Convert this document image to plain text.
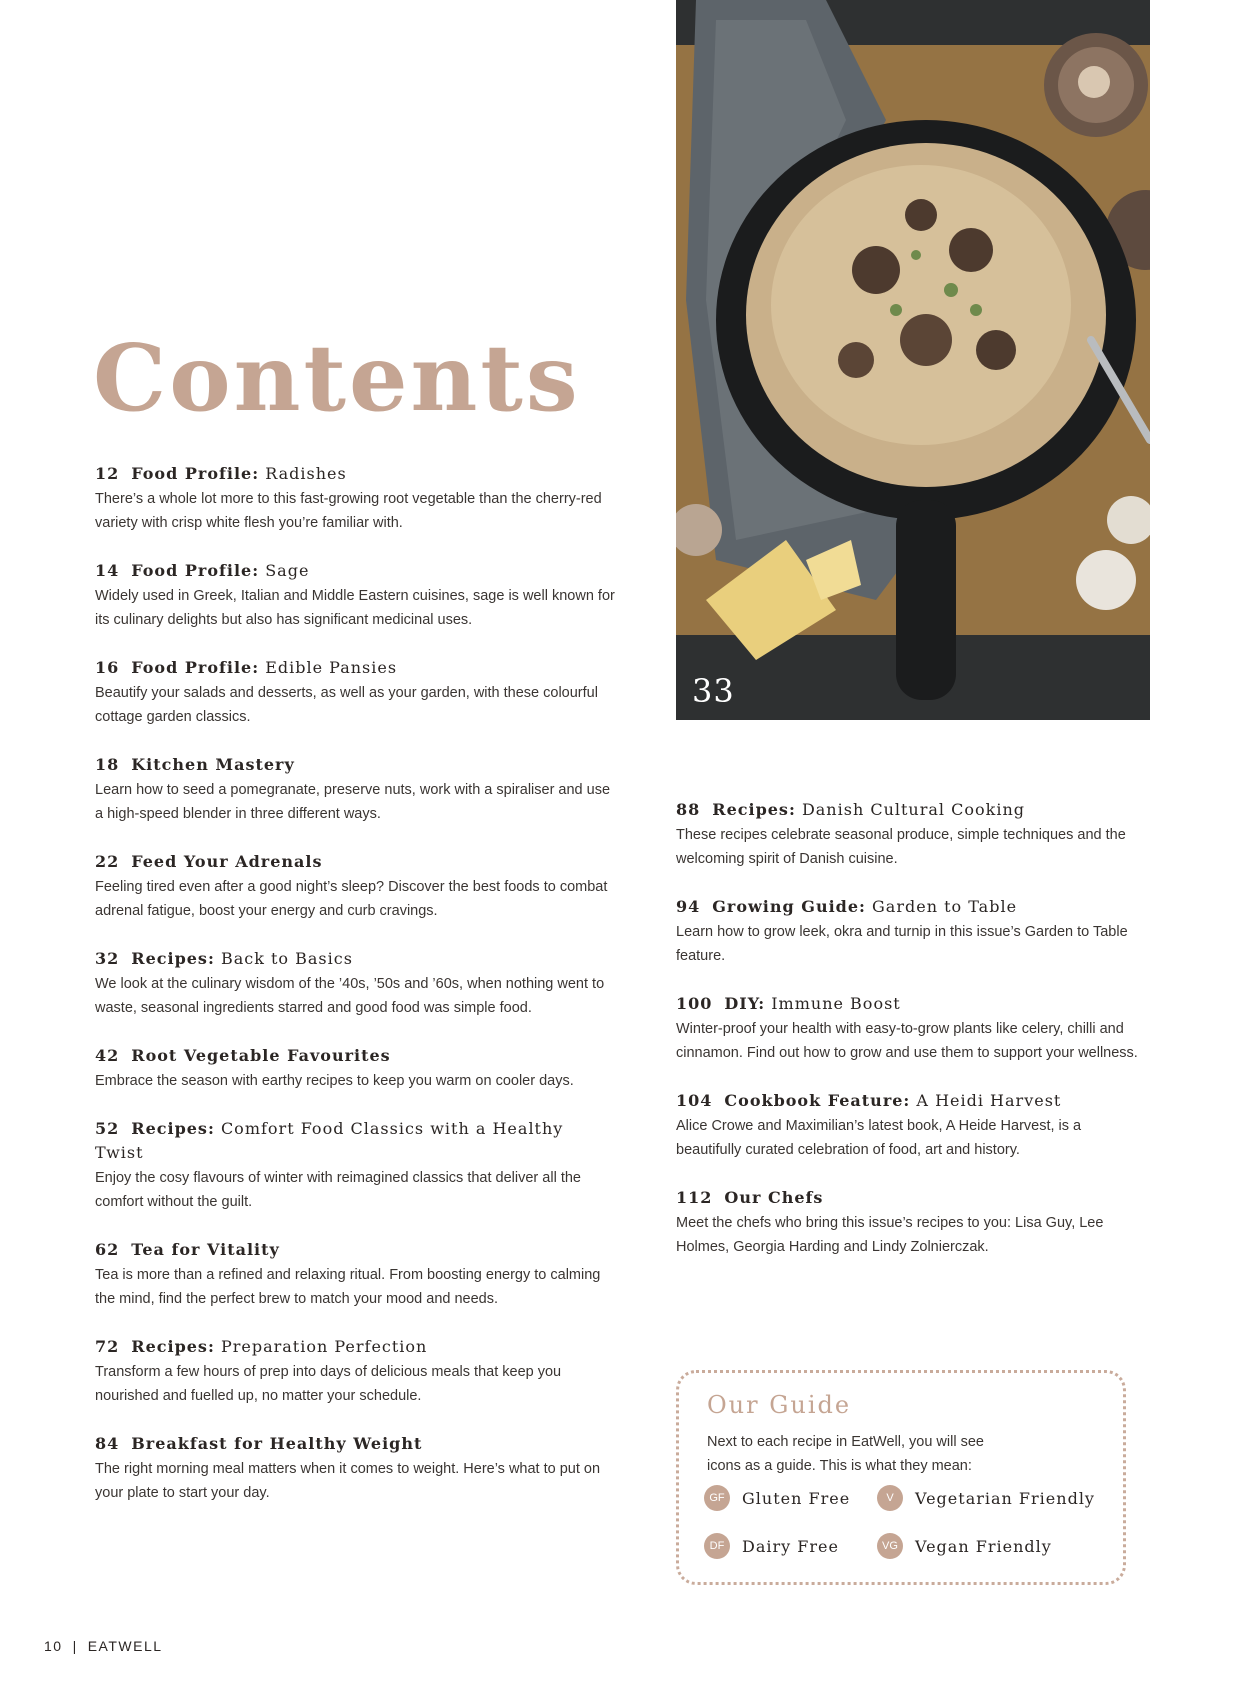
Contents
12 Food Profile: Radishes

There’s a whole lot more to this fast-growing root vegetable than the cherry-red variety with crisp white flesh you’re familiar with.

14 Food Profile: Sage

Widely used in Greek, Italian and Middle Eastern cuisines, sage is well known for its culinary delights but also has significant medicinal uses.

16 Food Profile: Edible Pansies

Beautify your salads and desserts, as well as your garden, with these colourful cottage garden classics.

18 Kitchen Mastery

Learn how to seed a pomegranate, preserve nuts, work with a spiraliser and use a high-speed blender in three different ways.

22 Feed Your Adrenals

Feeling tired even after a good night’s sleep? Discover the best foods to combat adrenal fatigue, boost your energy and curb cravings.

32 Recipes: Back to Basics

We look at the culinary wisdom of the ’40s, ’50s and ’60s, when nothing went to waste, seasonal ingredients starred and good food was simple food.

42 Root Vegetable Favourites

Embrace the season with earthy recipes to keep you warm on cooler days.

52 Recipes: Comfort Food Classics with a Healthy Twist

Enjoy the cosy flavours of winter with reimagined classics that deliver all the comfort without the guilt.

62 Tea for Vitality

Tea is more than a refined and relaxing ritual. From boosting energy to calming the mind, find the perfect brew to match your mood and needs.

72 Recipes: Preparation Perfection

Transform a few hours of prep into days of delicious meals that keep you nourished and fuelled up, no matter your schedule.

84 Breakfast for Healthy Weight

The right morning meal matters when it comes to weight. Here’s what to put on your plate to start your day.

33
88 Recipes: Danish Cultural Cooking

These recipes celebrate seasonal produce, simple techniques and the welcoming spirit of Danish cuisine.

94 Growing Guide: Garden to Table

Learn how to grow leek, okra and turnip in this issue’s Garden to Table feature.

100 DIY: Immune Boost

Winter-proof your health with easy-to-grow plants like celery, chilli and cinnamon. Find out how to grow and use them to support your wellness.

104 Cookbook Feature: A Heidi Harvest

Alice Crowe and Maximilian’s latest book, A Heide Harvest, is a beautifully curated celebration of food, art and history.

112 Our Chefs

Meet the chefs who bring this issue’s recipes to you: Lisa Guy, Lee Holmes, Georgia Harding and Lindy Zolnierczak.

Our Guide
Next to each recipe in EatWell, you will see icons as a guide. This is what they mean:
GF	Gluten Free	V	Vegetarian Friendly
DF	Dairy Free	VG	Vegan Friendly
10 | EATWELL
